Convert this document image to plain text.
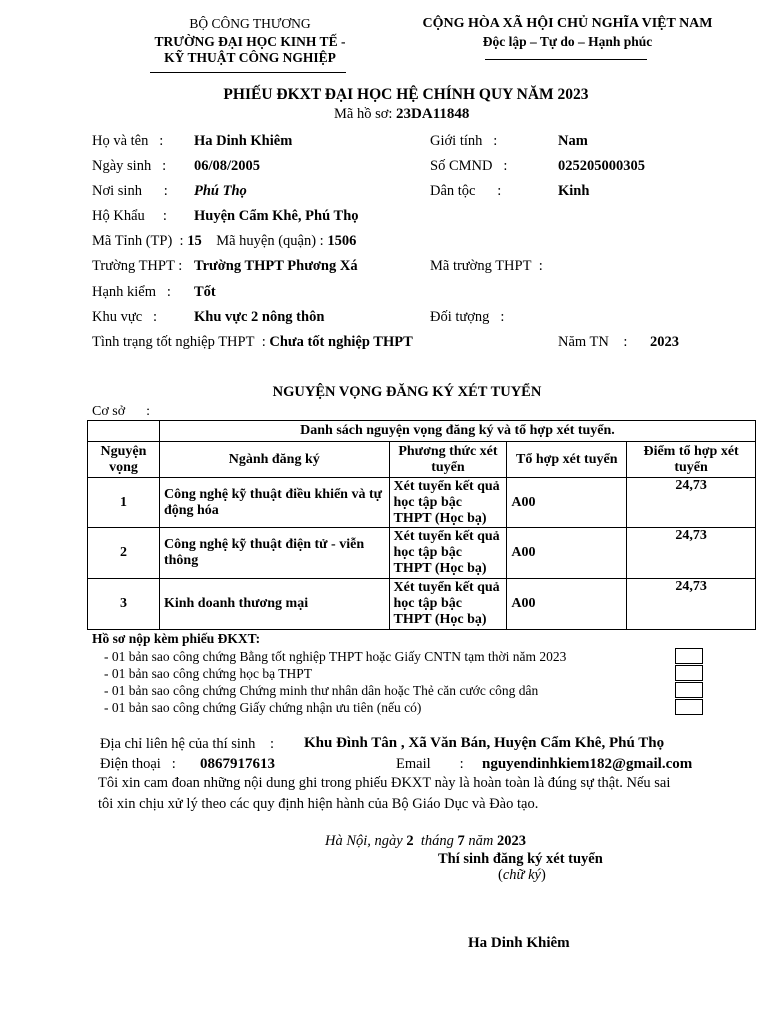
BỘ CÔNG THƯƠNG
TRƯỜNG ĐẠI HỌC KINH TẾ -
KỸ THUẬT CÔNG NGHIỆP
CỘNG HÒA XÃ HỘI CHỦ NGHĨA VIỆT NAM
Độc lập – Tự do – Hạnh phúc
PHIẾU ĐKXT ĐẠI HỌC HỆ CHÍNH QUY NĂM 2023
Mã hồ sơ: 23DA11848
Họ và tên   : Ha Dinh Khiêm	Giới tính   :	Nam
Ngày sinh   : 06/08/2005	Số CMND   :	025205000305
Nơi sinh      : Phú Thọ	Dân tộc      :	Kinh
Hộ Khẩu     : Huyện Cẩm Khê, Phú Thọ
Mã Tỉnh (TP)  : 15 Mã huyện (quận) : 1506
Trường THPT : Trường THPT Phương Xá	Mã trường THPT  :
Hạnh kiểm   : Tốt
Khu vực   :	Khu vực 2 nông thôn	Đối tượng   :
Tình trạng tốt nghiệp THPT  : Chưa tốt nghiệp THPT	Năm TN    : 2023
NGUYỆN VỌNG ĐĂNG KÝ XÉT TUYỂN
Cơ sở      :
	Danh sách nguyện vọng đăng ký và tổ hợp xét tuyển.			
Nguyện vọng	Ngành đăng ký	Phương thức xét tuyển	Tổ hợp xét tuyển	Điểm tổ hợp xét tuyển
1	Công nghệ kỹ thuật điều khiển và tự động hóa	Xét tuyển kết quả học tập bậc THPT (Học bạ)	A00	24,73
2	Công nghệ kỹ thuật điện tử - viễn thông	Xét tuyển kết quả học tập bậc THPT (Học bạ)	A00	24,73
3	Kinh doanh thương mại	Xét tuyển kết quả học tập bậc THPT (Học bạ)	A00	24,73
Hồ sơ nộp kèm phiếu ĐKXT:
- 01 bản sao công chứng Bằng tốt nghiệp THPT hoặc Giấy CNTN tạm thời năm 2023
- 01 bản sao công chứng học bạ THPT
- 01 bản sao công chứng Chứng minh thư nhân dân hoặc Thẻ căn cước công dân
- 01 bản sao công chứng Giấy chứng nhận ưu tiên (nếu có)
Địa chỉ liên hệ của thí sinh    : Khu Đình Tân , Xã Văn Bán, Huyện Cẩm Khê, Phú Thọ
Điện thoại   : 0867917613	Email        : nguyendinhkiem182@gmail.com
Tôi xin cam đoan những nội dung ghi trong phiếu ĐKXT này là hoàn toàn là đúng sự thật. Nếu sai
tôi xin chịu xử lý theo các quy định hiện hành của Bộ Giáo Dục và Đào tạo.
Hà Nội, ngày 2 tháng 7 năm 2023
Thí sinh đăng ký xét tuyển
(chữ ký)
Ha Dinh Khiêm
